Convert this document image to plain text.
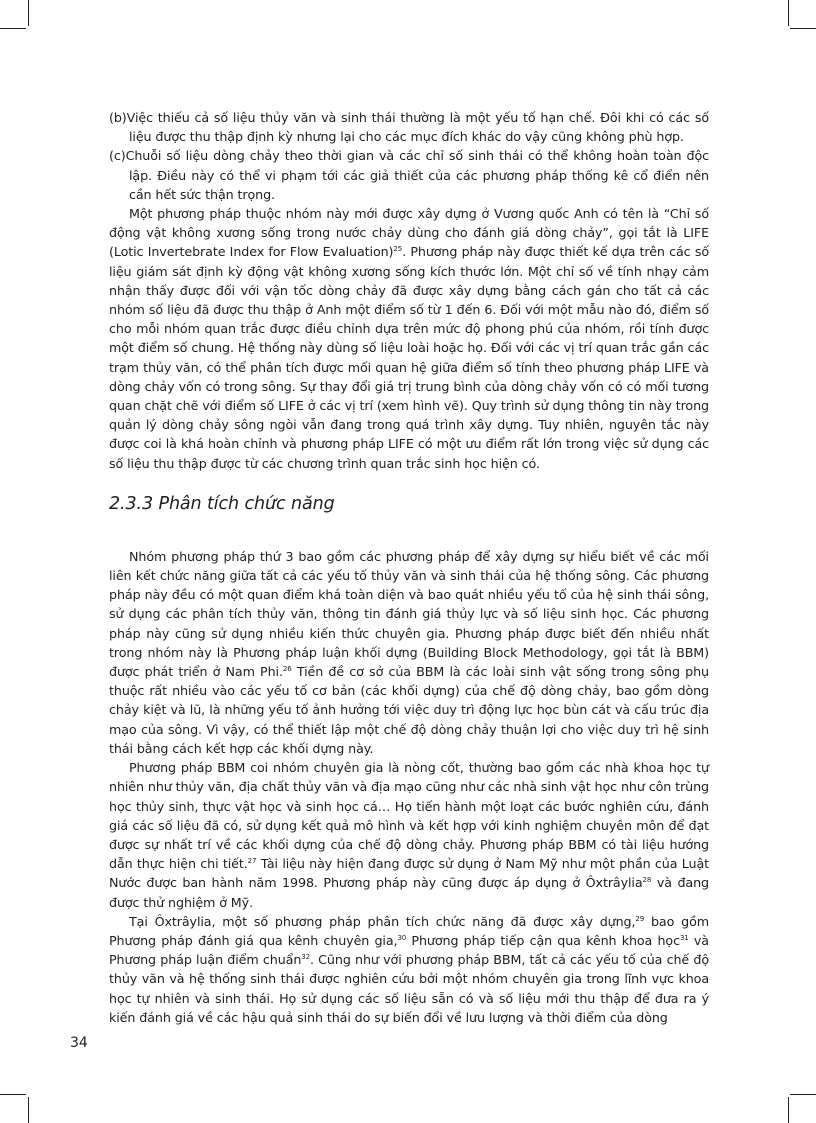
(b)Việc thiếu cả số liệu thủy văn và sinh thái thường là một yếu tố hạn chế. Đôi khi có các số liệu được thu thập định kỳ nhưng lại cho các mục đích khác do vậy cũng không phù hợp.

(c)Chuỗi số liệu dòng chảy theo thời gian và các chỉ số sinh thái có thể không hoàn toàn độc lập. Điều này có thể vi phạm tới các giả thiết của các phương pháp thống kê cổ điển nên cần hết sức thận trọng.

Một phương pháp thuộc nhóm này mới được xây dựng ở Vương quốc Anh có tên là “Chỉ số động vật không xương sống trong nước chảy dùng cho đánh giá dòng chảy”, gọi tắt là LIFE (Lotic Invertebrate Index for Flow Evaluation)$^{25}$. Phương pháp này được thiết kế dựa trên các số liệu giám sát định kỳ động vật không xương sống kích thước lớn. Một chỉ số về tính nhạy cảm nhận thấy được đối với vận tốc dòng chảy đã được xây dựng bằng cách gán cho tất cả các nhóm số liệu đã được thu thập ở Anh một điểm số từ 1 đến 6. Đối với một mẫu nào đó, điểm số cho mỗi nhóm quan trắc được điều chỉnh dựa trên mức độ phong phú của nhóm, rồi tính được một điểm số chung. Hệ thống này dùng số liệu loài hoặc họ. Đối với các vị trí quan trắc gần các trạm thủy văn, có thể phân tích được mối quan hệ giữa điểm số tính theo phương pháp LIFE và dòng chảy vốn có trong sông. Sự thay đổi giá trị trung bình của dòng chảy vốn có có mối tương quan chặt chẽ với điểm số LIFE ở các vị trí (xem hình vẽ). Quy trình sử dụng thông tin này trong quản lý dòng chảy sông ngòi vẫn đang trong quá trình xây dựng. Tuy nhiên, nguyên tắc này được coi là khá hoàn chỉnh và phương pháp LIFE có một ưu điểm rất lớn trong việc sử dụng các số liệu thu thập được từ các chương trình quan trắc sinh học hiện có.

2.3.3 Phân tích chức năng

Nhóm phương pháp thứ 3 bao gồm các phương pháp để xây dựng sự hiểu biết về các mối liên kết chức năng giữa tất cả các yếu tố thủy văn và sinh thái của hệ thống sông. Các phương pháp này đều có một quan điểm khá toàn diện và bao quát nhiều yếu tố của hệ sinh thái sông, sử dụng các phân tích thủy văn, thông tin đánh giá thủy lực và số liệu sinh học. Các phương pháp này cũng sử dụng nhiều kiến thức chuyên gia. Phương pháp được biết đến nhiều nhất trong nhóm này là Phương pháp luận khối dựng (Building Block Methodology, gọi tắt là BBM) được phát triển ở Nam Phi.$^{26}$ Tiền đề cơ sở của BBM là các loài sinh vật sống trong sông phụ thuộc rất nhiều vào các yếu tố cơ bản (các khối dựng) của chế độ dòng chảy, bao gồm dòng chảy kiệt và lũ, là những yếu tố ảnh hưởng tới việc duy trì động lực học bùn cát và cấu trúc địa mạo của sông. Vì vậy, có thể thiết lập một chế độ dòng chảy thuận lợi cho việc duy trì hệ sinh thái bằng cách kết hợp các khối dựng này.

Phương pháp BBM coi nhóm chuyên gia là nòng cốt, thường bao gồm các nhà khoa học tự nhiên như thủy văn, địa chất thủy văn và địa mạo cũng như các nhà sinh vật học như côn trùng học thủy sinh, thực vật học và sinh học cá… Họ tiến hành một loạt các bước nghiên cứu, đánh giá các số liệu đã có, sử dụng kết quả mô hình và kết hợp với kinh nghiệm chuyên môn để đạt được sự nhất trí về các khối dựng của chế độ dòng chảy. Phương pháp BBM có tài liệu hướng dẫn thực hiện chi tiết.$^{27}$ Tài liệu này hiện đang được sử dụng ở Nam Mỹ như một phần của Luật Nước được ban hành năm 1998. Phương pháp này cũng được áp dụng ở Ôxtrâylia$^{28}$ và đang được thử nghiệm ở Mỹ.

Tại Ôxtrâylia, một số phương pháp phân tích chức năng đã được xây dựng,$^{29}$ bao gồm Phương pháp đánh giá qua kênh chuyên gia,$^{30}$ Phương pháp tiếp cận qua kênh khoa học$^{31}$ và Phương pháp luận điểm chuẩn$^{32}$. Cũng như với phương pháp BBM, tất cả các yếu tố của chế độ thủy văn và hệ thống sinh thái được nghiên cứu bởi một nhóm chuyên gia trong lĩnh vực khoa học tự nhiên và sinh thái. Họ sử dụng các số liệu sẵn có và số liệu mới thu thập để đưa ra ý kiến đánh giá về các hậu quả sinh thái do sự biến đổi về lưu lượng và thời điểm của dòng

34
